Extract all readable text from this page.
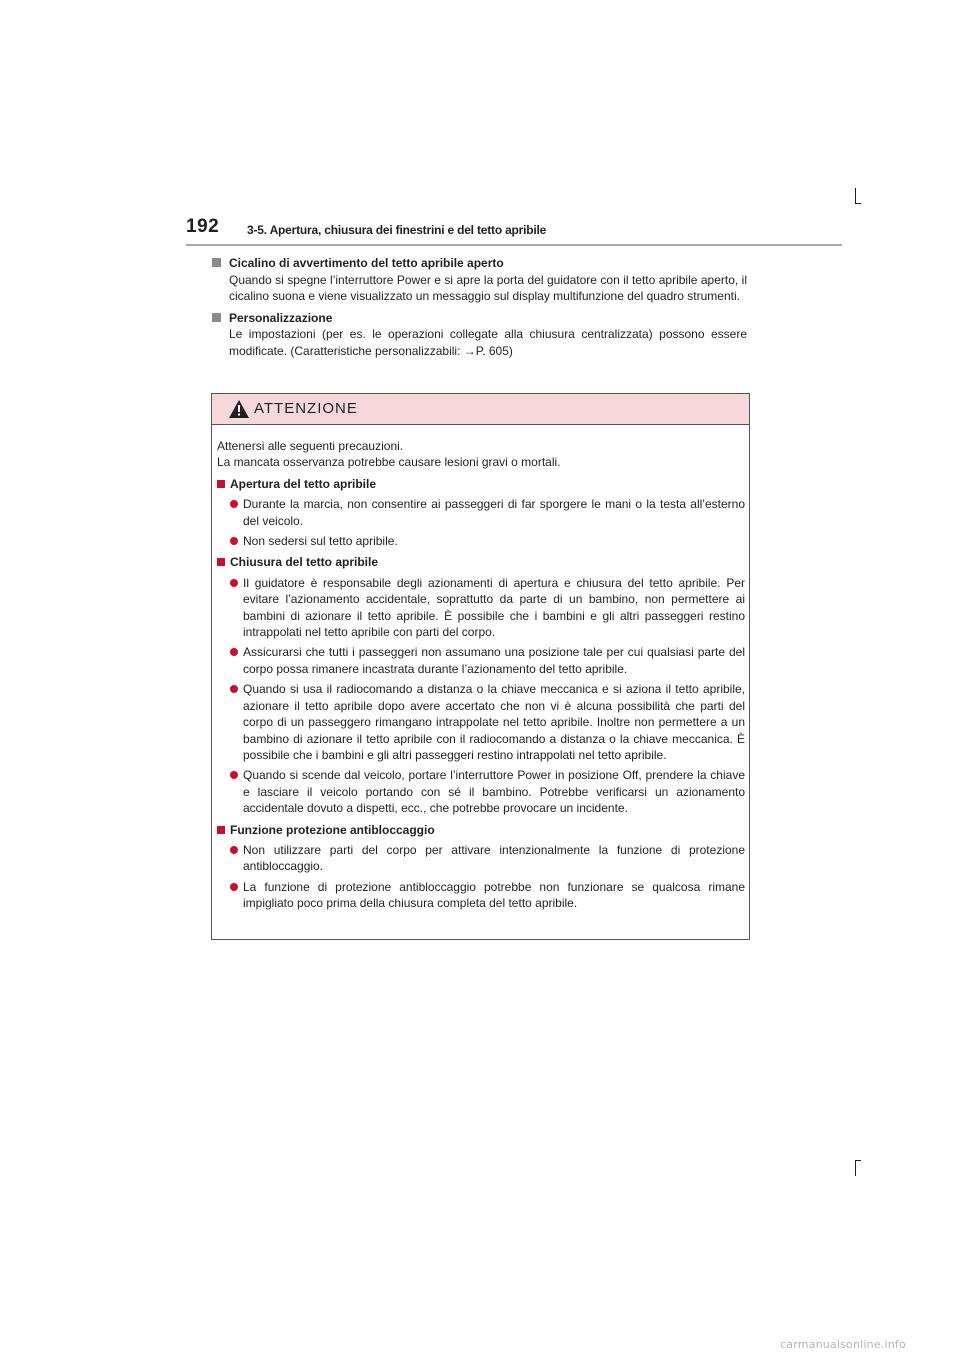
192 3-5. Apertura, chiusura dei finestrini e del tetto apribile

Cicalino di avvertimento del tetto apribile aperto

Quando si spegne l’interruttore Power e si apre la porta del guidatore con il tetto apribile aperto, il cicalino suona e viene visualizzato un messaggio sul display multifunzione del quadro strumenti.

Personalizzazione

Le impostazioni (per es. le operazioni collegate alla chiusura centralizzata) possono essere modificate. (Caratteristiche personalizzabili: →P. 605)

ATTENZIONE

Attenersi alle seguenti precauzioni.

La mancata osservanza potrebbe causare lesioni gravi o mortali.

Apertura del tetto apribile

Durante la marcia, non consentire ai passeggeri di far sporgere le mani o la testa all’esterno del veicolo.

Non sedersi sul tetto apribile.

Chiusura del tetto apribile

Il guidatore è responsabile degli azionamenti di apertura e chiusura del tetto apribile. Per evitare l’azionamento accidentale, soprattutto da parte di un bambino, non permettere ai bambini di azionare il tetto apribile. È possibile che i bambini e gli altri passeggeri restino intrappolati nel tetto apribile con parti del corpo.

Assicurarsi che tutti i passeggeri non assumano una posizione tale per cui qualsiasi parte del corpo possa rimanere incastrata durante l’azionamento del tetto apribile.

Quando si usa il radiocomando a distanza o la chiave meccanica e si aziona il tetto apribile, azionare il tetto apribile dopo avere accertato che non vi è alcuna possibilità che parti del corpo di un passeggero rimangano intrappolate nel tetto apribile. Inoltre non permettere a un bambino di azionare il tetto apribile con il radiocomando a distanza o la chiave meccanica. È possibile che i bambini e gli altri passeggeri restino intrappolati nel tetto apribile.

Quando si scende dal veicolo, portare l’interruttore Power in posizione Off, prendere la chiave e lasciare il veicolo portando con sé il bambino. Potrebbe verificarsi un azionamento accidentale dovuto a dispetti, ecc., che potrebbe provocare un incidente.

Funzione protezione antibloccaggio

Non utilizzare parti del corpo per attivare intenzionalmente la funzione di protezione antibloccaggio.

La funzione di protezione antibloccaggio potrebbe non funzionare se qualcosa rimane impigliato poco prima della chiusura completa del tetto apribile.

carmanualsonline.info
